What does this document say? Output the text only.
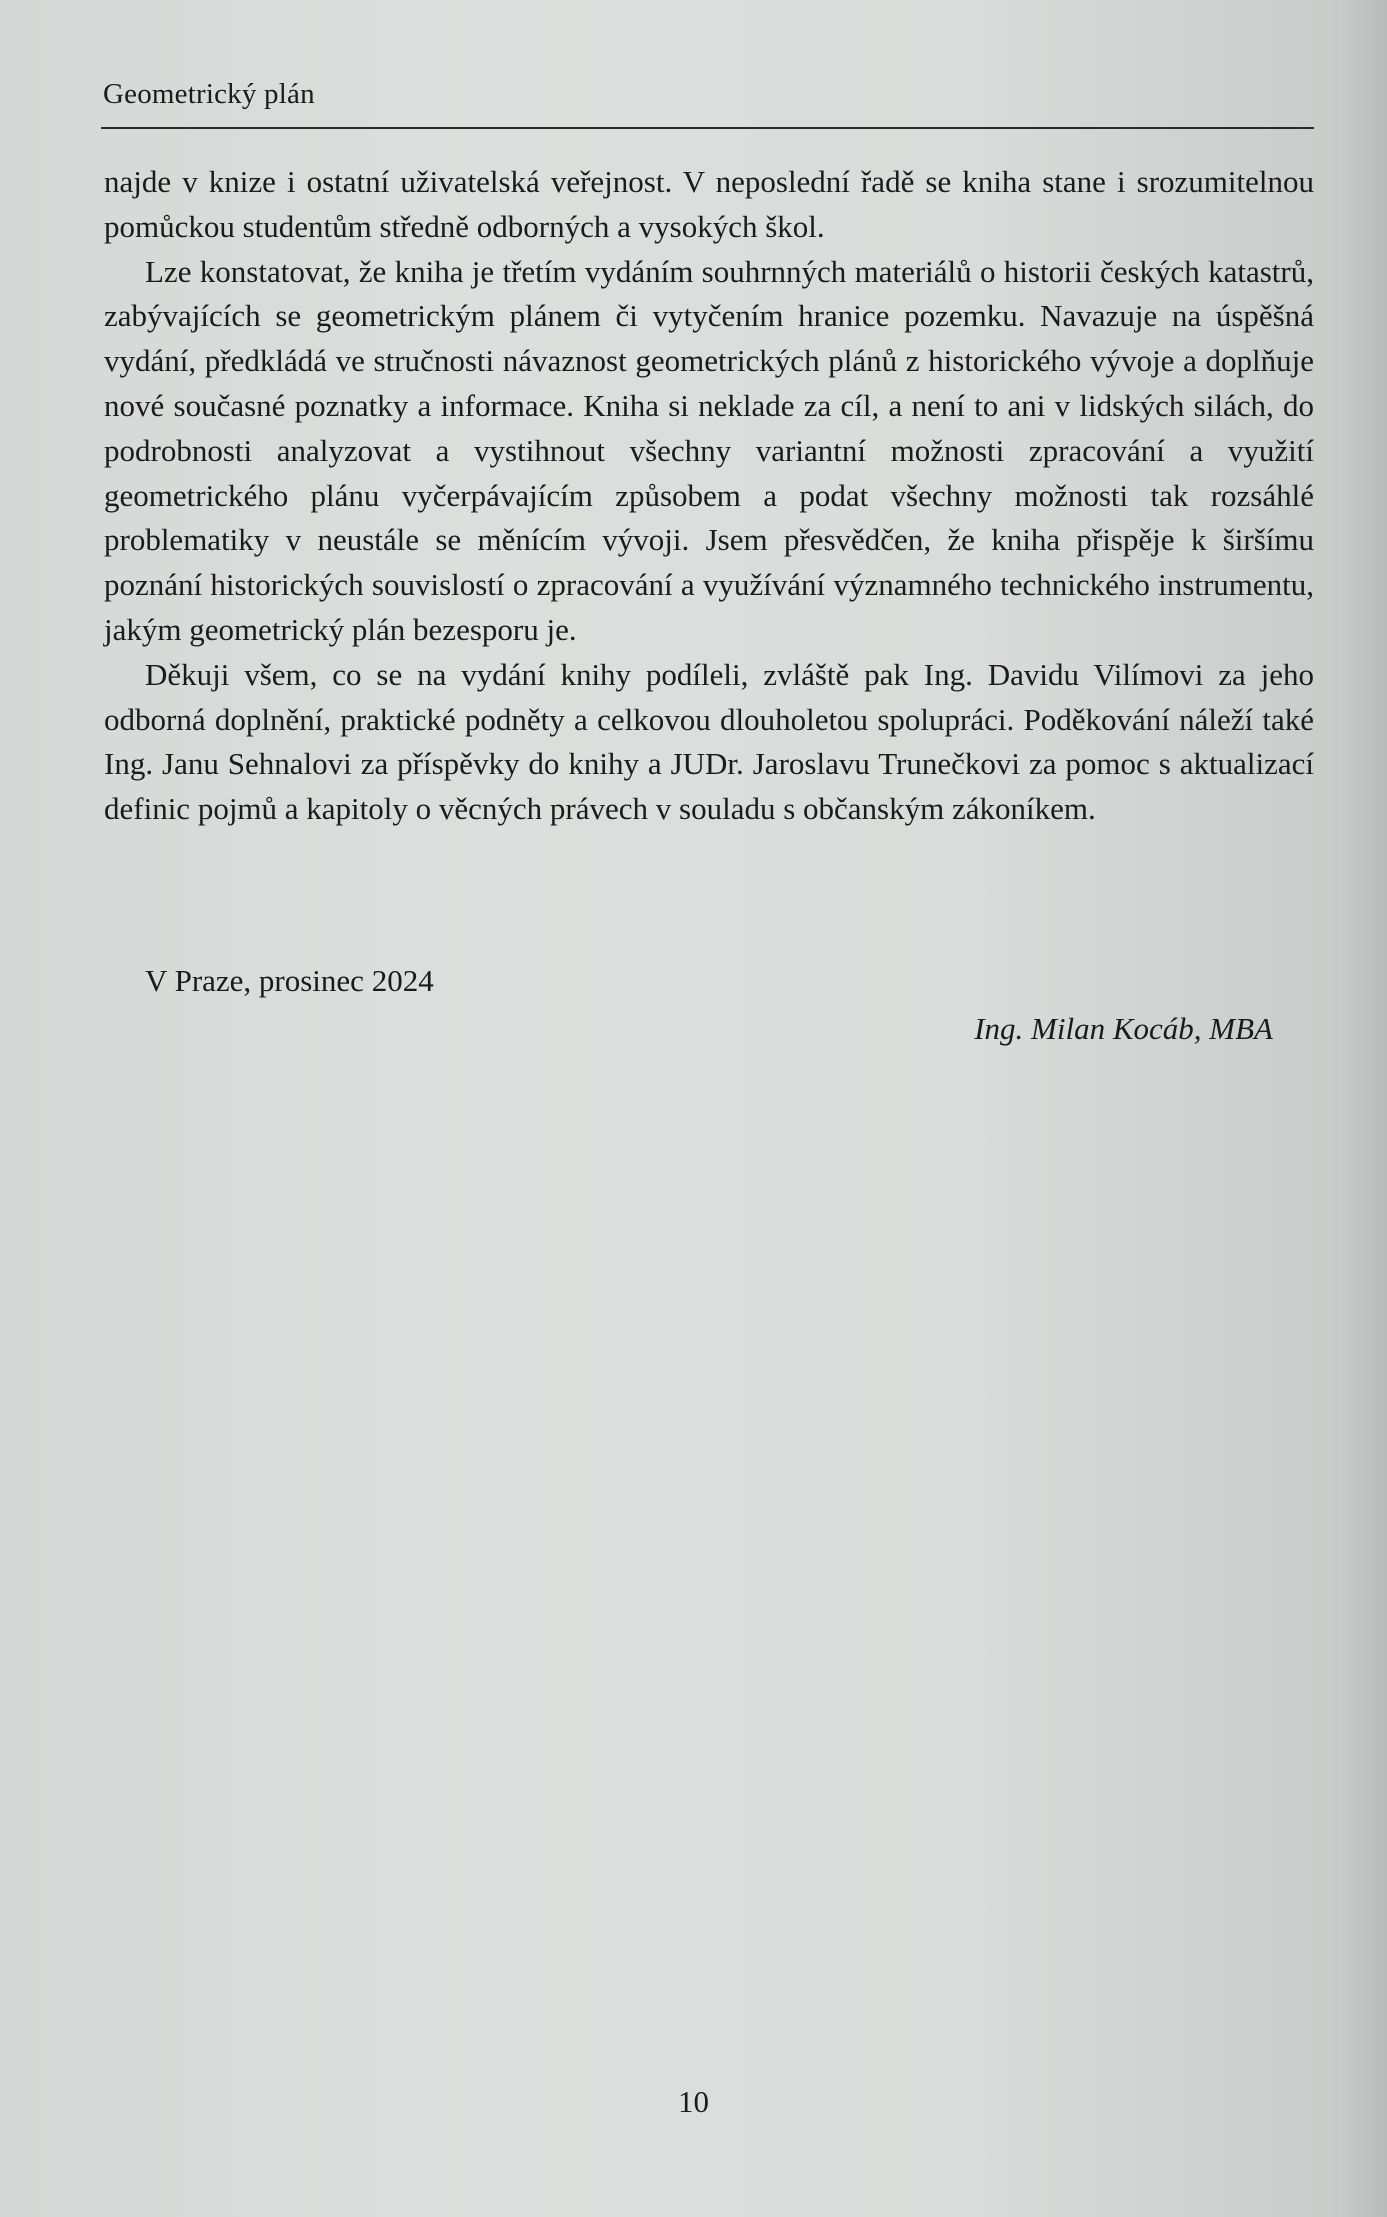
Geometrický plán

najde v knize i ostatní uživatelská veřejnost. V neposlední řadě se kniha stane i srozumitelnou pomůckou studentům středně odborných a vysokých škol.

Lze konstatovat, že kniha je třetím vydáním souhrnných materiálů o historii českých katastrů, zabývajících se geometrickým plánem či vytyčením hranice pozemku. Navazuje na úspěšná vydání, předkládá ve stručnosti návaznost geometrických plánů z historického vývoje a doplňuje nové současné poznatky a informace. Kniha si neklade za cíl, a není to ani v lidských silách, do podrobnosti analyzovat a vystihnout všechny variantní možnosti zpracování a využití geometrického plánu vyčerpávajícím způsobem a podat všechny možnosti tak rozsáhlé problematiky v neustále se měnícím vývoji. Jsem přesvědčen, že kniha přispěje k širšímu poznání historických souvislostí o zpracování a využívání významného technického instrumentu, jakým geometrický plán bezesporu je.

Děkuji všem, co se na vydání knihy podíleli, zvláště pak Ing. Davidu Vilímovi za jeho odborná doplnění, praktické podněty a celkovou dlouholetou spolupráci. Poděkování náleží také Ing. Janu Sehnalovi za příspěvky do knihy a JUDr. Jaroslavu Trunečkovi za pomoc s aktualizací definic pojmů a kapitoly o věcných právech v souladu s občanským zákoníkem.

V Praze, prosinec 2024
Ing. Milan Kocáb, MBA
10
